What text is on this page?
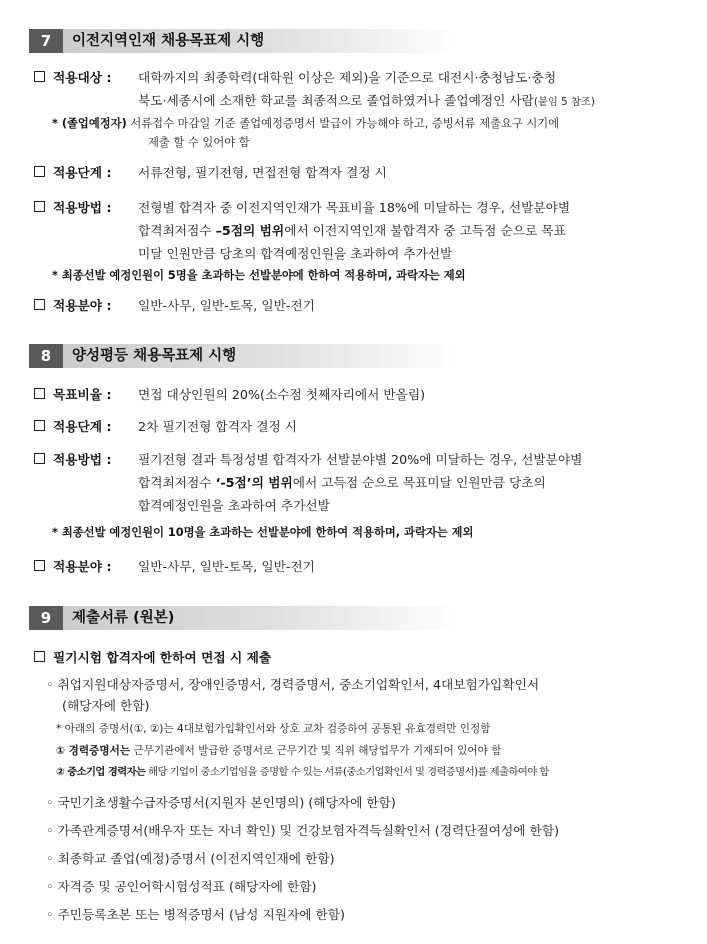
7	이전지역인재 채용목표제 시행
적용대상 :	대학까지의 최종학력(대학원 이상은 제외)을 기준으로 대전시·충청남도·충청
북도·세종시에 소재한 학교를 최종적으로 졸업하였거나 졸업예정인 사람(붙임 5 참조)
* (졸업예정자) 서류접수 마감일 기준 졸업예정증명서 발급이 가능해야 하고, 증빙서류 제출요구 시기에
제출 할 수 있어야 함
적용단계 :	서류전형, 필기전형, 면접전형 합격자 결정 시
적용방법 :	전형별 합격자 중 이전지역인재가 목표비율 18%에 미달하는 경우, 선발분야별
합격최저점수 –5점의 범위에서 이전지역인재 불합격자 중 고득점 순으로 목표
미달 인원만큼 당초의 합격예정인원을 초과하여 추가선발
* 최종선발 예정인원이 5명을 초과하는 선발분야에 한하여 적용하며, 과락자는 제외
적용분야 :	일반-사무, 일반-토목, 일반-전기
8	양성평등 채용목표제 시행
목표비율 :	면접 대상인원의 20%(소수점 첫째자리에서 반올림)
적용단계 :	2차 필기전형 합격자 결정 시
적용방법 :	필기전형 결과 특정성별 합격자가 선발분야별 20%에 미달하는 경우, 선발분야별
합격최저점수 ‘-5점’의 범위에서 고득점 순으로 목표미달 인원만큼 당초의
합격예정인원을 초과하여 추가선발
* 최종선발 예정인원이 10명을 초과하는 선발분야에 한하여 적용하며, 과락자는 제외
적용분야 :	일반-사무, 일반-토목, 일반-전기
9	제출서류 (원본)
필기시험 합격자에 한하여 면접 시 제출
◦ 취업지원대상자증명서, 장애인증명서, 경력증명서, 중소기업확인서, 4대보험가입확인서
(해당자에 한함)
* 아래의 증명서(①, ②)는 4대보험가입확인서와 상호 교차 검증하여 공통된 유효경력만 인정함
① 경력증명서는 근무기관에서 발급한 증명서로 근무기간 및 직위 해당업무가 기재되어 있어야 함
② 중소기업 경력자는 해당 기업이 중소기업임을 증명할 수 있는 서류(중소기업확인서 및 경력증명서)를 제출하여야 함
◦ 국민기초생활수급자증명서(지원자 본인명의) (해당자에 한함)
◦ 가족관계증명서(배우자 또는 자녀 확인) 및 건강보험자격득실확인서 (경력단절여성에 한함)
◦ 최종학교 졸업(예정)증명서 (이전지역인재에 한함)
◦ 자격증 및 공인어학시험성적표 (해당자에 한함)
◦ 주민등록초본 또는 병적증명서 (남성 지원자에 한함)
